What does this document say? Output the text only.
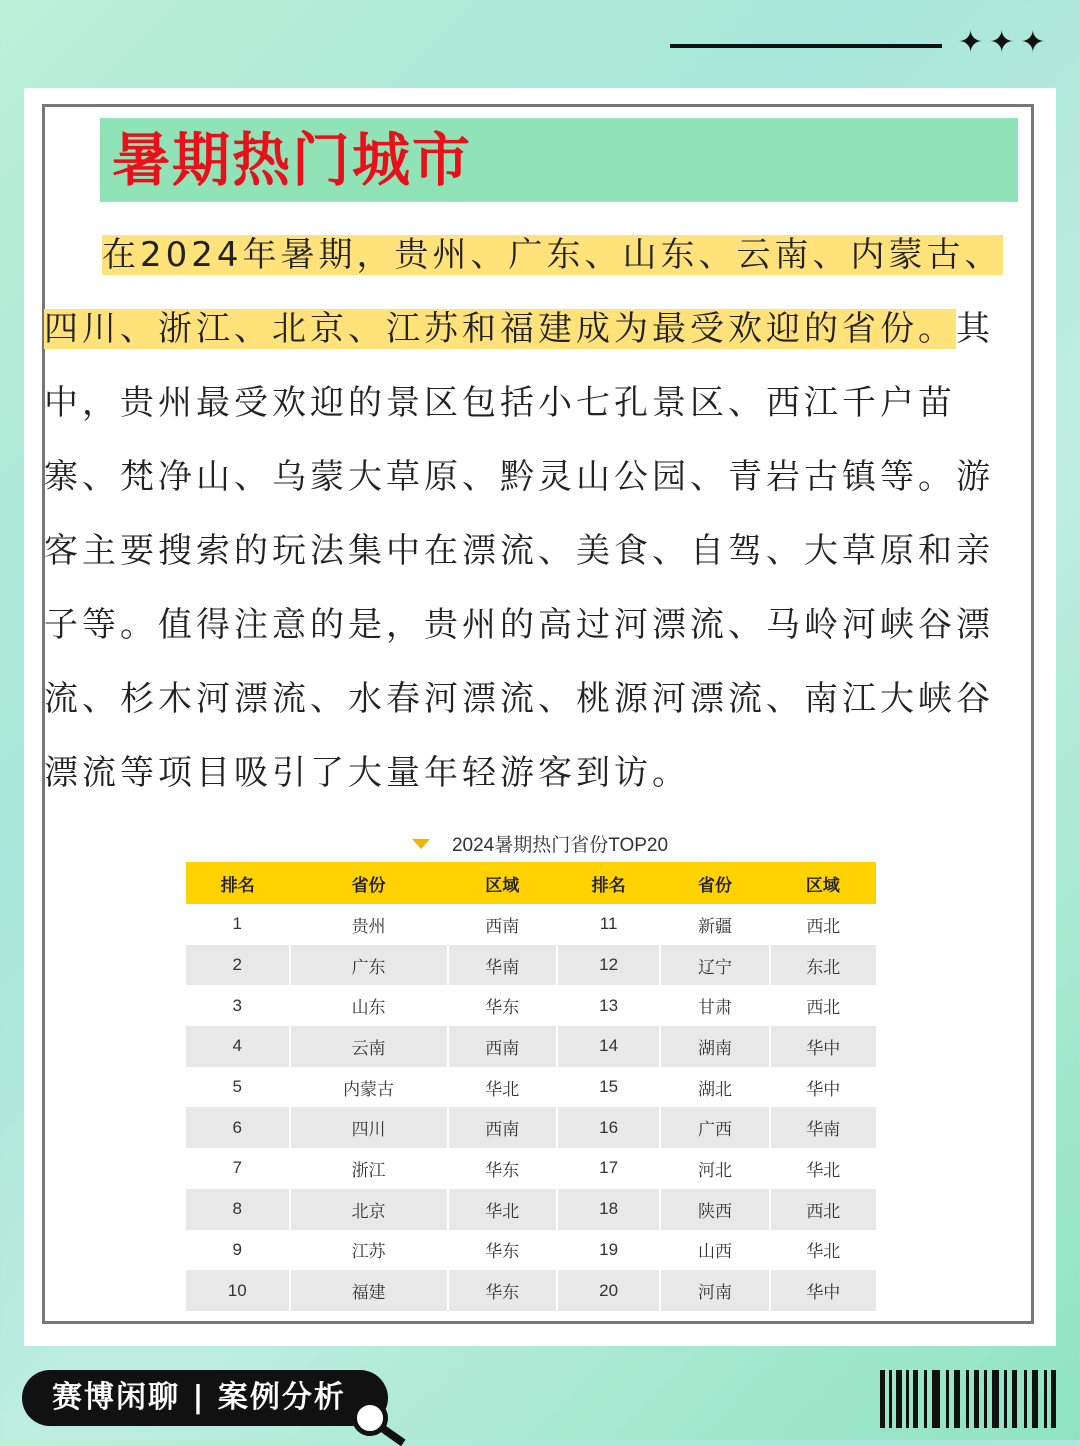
✦✦✦
暑期热门城市
在2024年暑期，贵州、广东、山东、云南、内蒙古、四川、浙江、北京、江苏和福建成为最受欢迎的省份。其中，贵州最受欢迎的景区包括小七孔景区、西江千户苗寨、梵净山、乌蒙大草原、黔灵山公园、青岩古镇等。游客主要搜索的玩法集中在漂流、美食、自驾、大草原和亲子等。值得注意的是，贵州的高过河漂流、马岭河峡谷漂流、杉木河漂流、水春河漂流、桃源河漂流、南江大峡谷漂流等项目吸引了大量年轻游客到访。
2024暑期热门省份TOP20
排名	省份	区域	排名	省份	区域
1	贵州	西南	11	新疆	西北
2	广东	华南	12	辽宁	东北
3	山东	华东	13	甘肃	西北
4	云南	西南	14	湖南	华中
5	内蒙古	华北	15	湖北	华中
6	四川	西南	16	广西	华南
7	浙江	华东	17	河北	华北
8	北京	华北	18	陕西	西北
9	江苏	华东	19	山西	华北
10	福建	华东	20	河南	华中
赛博闲聊 | 案例分析
